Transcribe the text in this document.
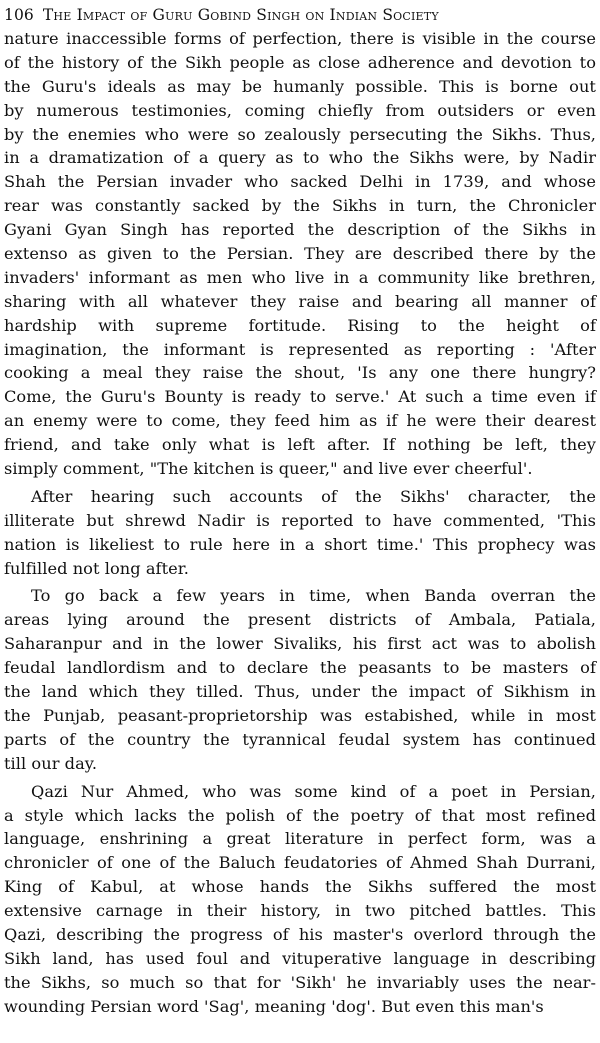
106 The Impact of Guru Gobind Singh on Indian Society
nature inaccessible forms of perfection, there is visible in the course
of the history of the Sikh people as close adherence and devotion to
the Guru's ideals as may be humanly possible. This is borne out
by numerous testimonies, coming chiefly from outsiders or even
by the enemies who were so zealously persecuting the Sikhs. Thus,
in a dramatization of a query as to who the Sikhs were, by Nadir
Shah the Persian invader who sacked Delhi in 1739, and whose
rear was constantly sacked by the Sikhs in turn, the Chronicler
Gyani Gyan Singh has reported the description of the Sikhs in
extenso as given to the Persian. They are described there by the
invaders' informant as men who live in a community like brethren,
sharing with all whatever they raise and bearing all manner of
hardship with supreme fortitude. Rising to the height of
imagination, the informant is represented as reporting : 'After
cooking a meal they raise the shout, 'Is any one there hungry?
Come, the Guru's Bounty is ready to serve.' At such a time even if
an enemy were to come, they feed him as if he were their dearest
friend, and take only what is left after. If nothing be left, they
simply comment, "The kitchen is queer," and live ever cheerful'.
After hearing such accounts of the Sikhs' character, the
illiterate but shrewd Nadir is reported to have commented, 'This
nation is likeliest to rule here in a short time.' This prophecy was
fulfilled not long after.
To go back a few years in time, when Banda overran the
areas lying around the present districts of Ambala, Patiala,
Saharanpur and in the lower Sivaliks, his first act was to abolish
feudal landlordism and to declare the peasants to be masters of
the land which they tilled. Thus, under the impact of Sikhism in
the Punjab, peasant-proprietorship was estabished, while in most
parts of the country the tyrannical feudal system has continued
till our day.
Qazi Nur Ahmed, who was some kind of a poet in Persian,
a style which lacks the polish of the poetry of that most refined
language, enshrining a great literature in perfect form, was a
chronicler of one of the Baluch feudatories of Ahmed Shah Durrani,
King of Kabul, at whose hands the Sikhs suffered the most
extensive carnage in their history, in two pitched battles. This
Qazi, describing the progress of his master's overlord through the
Sikh land, has used foul and vituperative language in describing
the Sikhs, so much so that for 'Sikh' he invariably uses the near-
wounding Persian word 'Sag', meaning 'dog'. But even this man's
